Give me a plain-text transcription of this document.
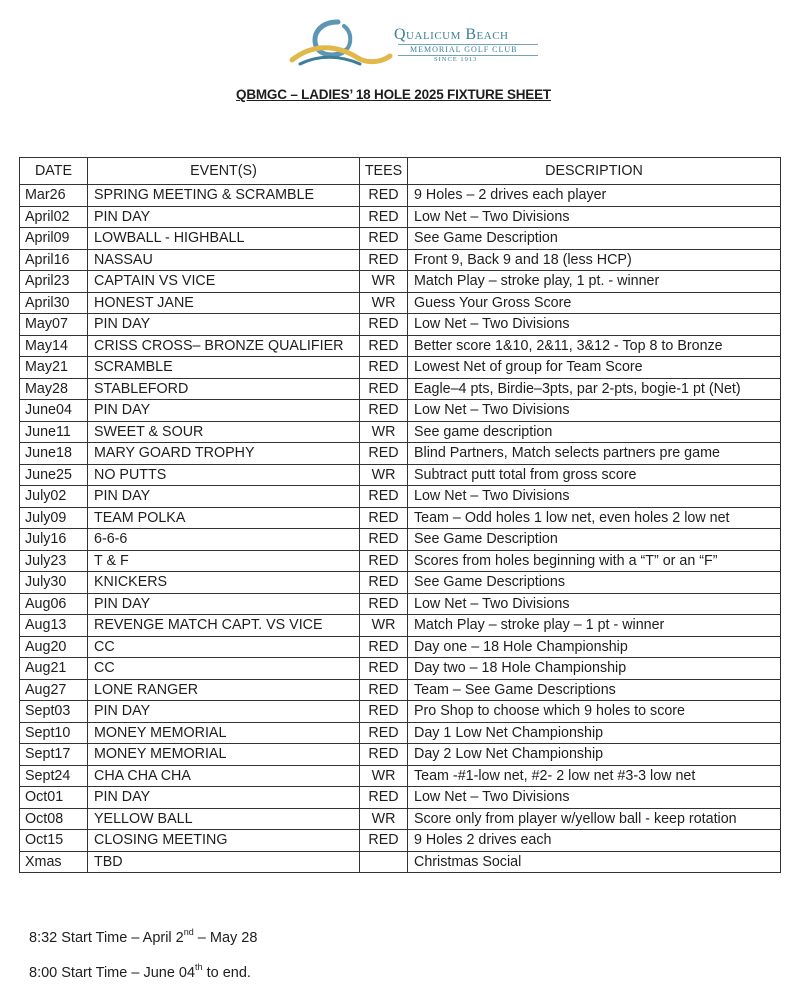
Qualicum Beach
MEMORIAL GOLF CLUB
SINCE 1913
QBMGC – LADIES’ 18 HOLE 2025 FIXTURE SHEET
DATE	EVENT(S)	TEES	DESCRIPTION
Mar26	SPRING MEETING & SCRAMBLE	RED	9 Holes – 2 drives each player
April02	PIN DAY	RED	Low Net – Two Divisions
April09	LOWBALL - HIGHBALL	RED	See Game Description
April16	NASSAU	RED	Front 9, Back 9 and 18 (less HCP)
April23	CAPTAIN VS VICE	WR	Match Play – stroke play, 1 pt. - winner
April30	HONEST JANE	WR	Guess Your Gross Score
May07	PIN DAY	RED	Low Net – Two Divisions
May14	CRISS CROSS– BRONZE QUALIFIER	RED	Better score 1&10, 2&11, 3&12 - Top 8 to Bronze
May21	SCRAMBLE	RED	Lowest Net of group for Team Score
May28	STABLEFORD	RED	Eagle–4 pts, Birdie–3pts, par 2-pts, bogie-1 pt (Net)
June04	PIN DAY	RED	Low Net – Two Divisions
June11	SWEET & SOUR	WR	See game description
June18	MARY GOARD TROPHY	RED	Blind Partners, Match selects partners pre game
June25	NO PUTTS	WR	Subtract putt total from gross score
July02	PIN DAY	RED	Low Net – Two Divisions
July09	TEAM POLKA	RED	Team – Odd holes 1 low net, even holes 2 low net
July16	6-6-6	RED	See Game Description
July23	T & F	RED	Scores from holes beginning with a “T” or an “F”
July30	KNICKERS	RED	See Game Descriptions
Aug06	PIN DAY	RED	Low Net – Two Divisions
Aug13	REVENGE MATCH CAPT. VS VICE	WR	Match Play – stroke play – 1 pt - winner
Aug20	CC	RED	Day one – 18 Hole Championship
Aug21	CC	RED	Day two – 18 Hole Championship
Aug27	LONE RANGER	RED	Team – See Game Descriptions
Sept03	PIN DAY	RED	Pro Shop to choose which 9 holes to score
Sept10	MONEY MEMORIAL	RED	Day 1 Low Net Championship
Sept17	MONEY MEMORIAL	RED	Day 2 Low Net Championship
Sept24	CHA CHA CHA	WR	Team -#1-low net, #2- 2 low net #3-3 low net
Oct01	PIN DAY	RED	Low Net – Two Divisions
Oct08	YELLOW BALL	WR	Score only from player w/yellow ball - keep rotation
Oct15	CLOSING MEETING	RED	9 Holes 2 drives each
Xmas	TBD		Christmas Social
8:32 Start Time – April 2nd – May 28
8:00 Start Time – June 04th to end.
